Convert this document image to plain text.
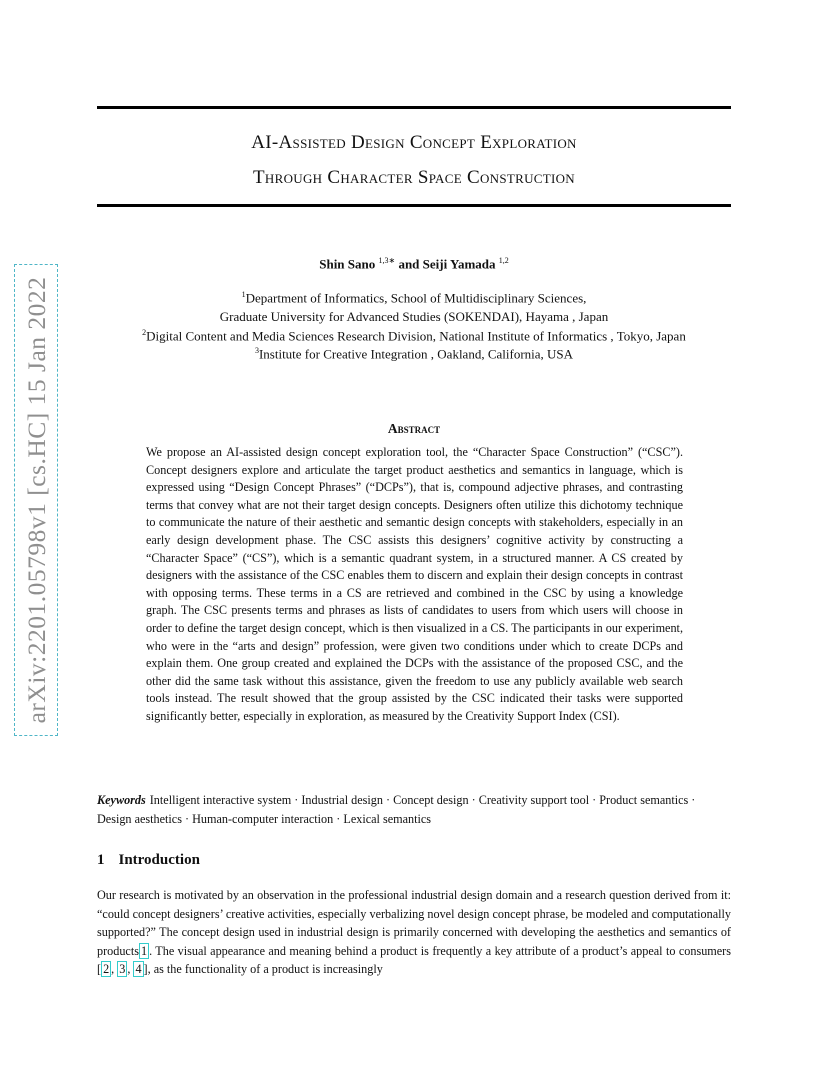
arXiv:2201.05798v1 [cs.HC] 15 Jan 2022
AI-Assisted Design Concept Exploration
Through Character Space Construction
Shin Sano $^{1,3∗}$ and Seiji Yamada $^{1,2}$
$^1$Department of Informatics, School of Multidisciplinary Sciences,
Graduate University for Advanced Studies (SOKENDAI), Hayama , Japan
$^2$Digital Content and Media Sciences Research Division, National Institute of Informatics , Tokyo, Japan
$^3$Institute for Creative Integration , Oakland, California, USA
Abstract
We propose an AI-assisted design concept exploration tool, the “Character Space Construction” (“CSC”). Concept designers explore and articulate the target product aesthetics and semantics in language, which is expressed using “Design Concept Phrases” (“DCPs”), that is, compound adjective phrases, and contrasting terms that convey what are not their target design concepts. Designers often utilize this dichotomy technique to communicate the nature of their aesthetic and semantic design concepts with stakeholders, especially in an early design development phase. The CSC assists this designers’ cognitive activity by constructing a “Character Space” (“CS”), which is a semantic quadrant system, in a structured manner. A CS created by designers with the assistance of the CSC enables them to discern and explain their design concepts in contrast with opposing terms. These terms in a CS are retrieved and combined in the CSC by using a knowledge graph. The CSC presents terms and phrases as lists of candidates to users from which users will choose in order to define the target design concept, which is then visualized in a CS. The participants in our experiment, who were in the “arts and design” profession, were given two conditions under which to create DCPs and explain them. One group created and explained the DCPs with the assistance of the proposed CSC, and the other did the same task without this assistance, given the freedom to use any publicly available web search tools instead. The result showed that the group assisted by the CSC indicated their tasks were supported significantly better, especially in exploration, as measured by the Creativity Support Index (CSI).
Keywords Intelligent interactive system · Industrial design · Concept design · Creativity support tool · Product semantics · Design aesthetics · Human-computer interaction · Lexical semantics
1 Introduction
Our research is motivated by an observation in the professional industrial design domain and a research question derived from it: “could concept designers’ creative activities, especially verbalizing novel design concept phrase, be modeled and computationally supported?” The concept design used in industrial design is primarily concerned with developing the aesthetics and semantics of products 1 . The visual appearance and meaning behind a product is frequently a key attribute of a product’s appeal to consumers [ 2 , 3 , 4 ], as the functionality of a product is increasingly
